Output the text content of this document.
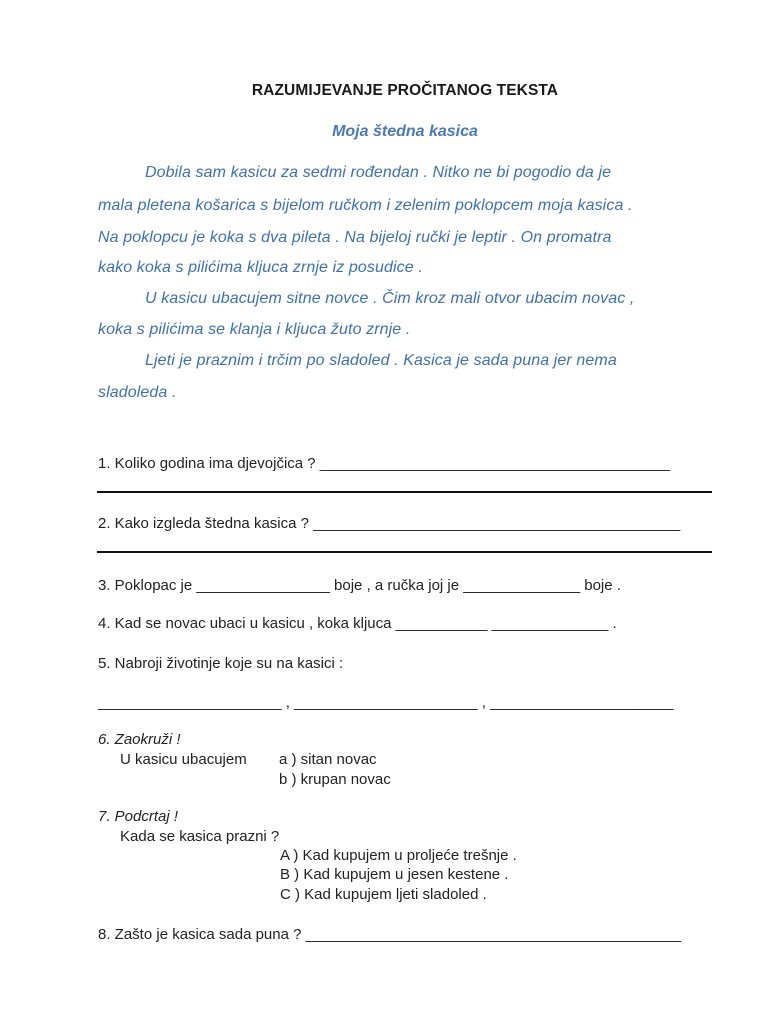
RAZUMIJEVANJE PROČITANOG TEKSTA
Moja štedna kasica
Dobila sam kasicu za sedmi rođendan . Nitko ne bi pogodio da je
mala pletena košarica s bijelom ručkom i zelenim poklopcem moja kasica .
Na poklopcu je koka s dva pileta . Na bijeloj ručki je leptir . On promatra
kako koka s pilićima kljuca zrnje iz posudice .
U kasicu ubacujem sitne novce . Čim kroz mali otvor ubacim novac ,
koka s pilićima se klanja i kljuca žuto zrnje .
Ljeti je praznim i trčim po sladoled . Kasica je sada puna jer nema
sladoleda .
1. Koliko godina ima djevojčica ? __________________________________________
2. Kako izgleda štedna kasica ? ____________________________________________
3. Poklopac je ________________ boje , a ručka joj je ______________ boje .
4. Kad se novac ubaci u kasicu , koka kljuca ___________ ______________ .
5. Nabroji životinje koje su na kasici :
______________________ , ______________________ , ______________________
6. Zaokruži !
U kasicu ubacujem a ) sitan novac
b ) krupan novac
7. Podcrtaj !
Kada se kasica prazni ?
A ) Kad kupujem u proljeće trešnje .
B ) Kad kupujem u jesen kestene .
C ) Kad kupujem ljeti sladoled .
8. Zašto je kasica sada puna ? _____________________________________________
